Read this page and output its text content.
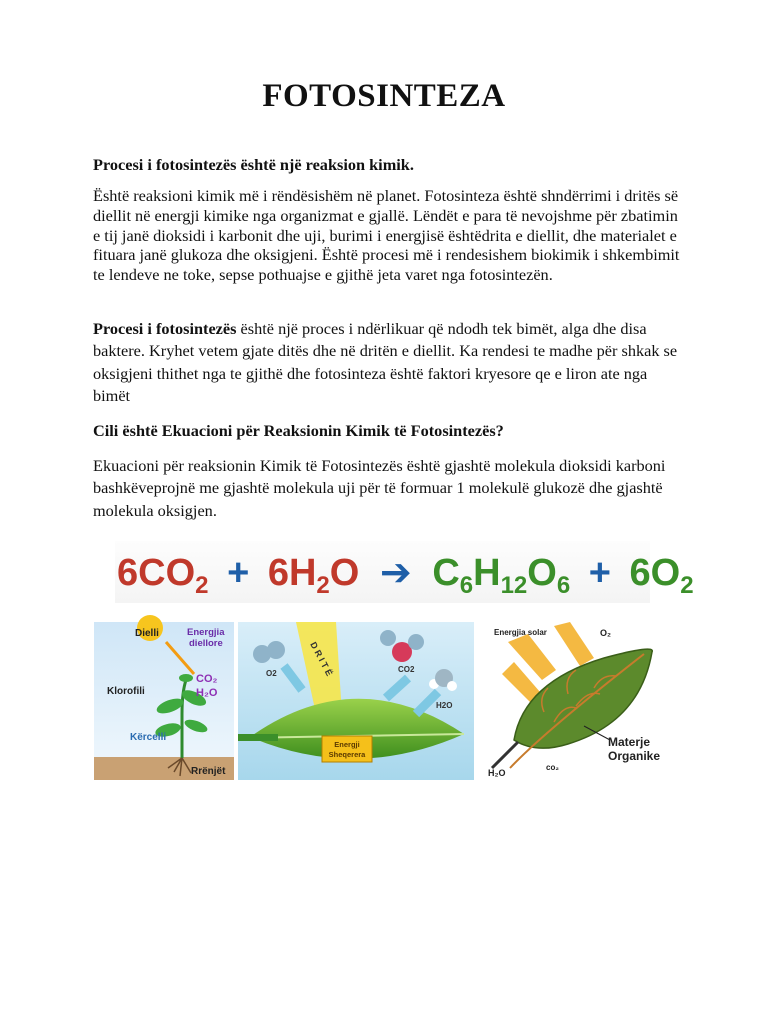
FOTOSINTEZA

Procesi i fotosintezës është një reaksion kimik.

Është reaksioni kimik më i rëndësishëm në planet. Fotosinteza është shndërrimi i dritës së diellit në energji kimike nga organizmat e gjallë. Lëndët e para të nevojshme për zbatimin e tij janë dioksidi i karbonit dhe uji, burimi i energjisë ështëdrita e diellit, dhe materialet e fituara janë glukoza dhe oksigjeni. Është procesi më i rendesishem biokimik i shkembimit te lendeve ne toke, sepse pothuajse e gjithë jeta varet nga fotosintezën.

Procesi i fotosintezës është një proces i ndërlikuar që ndodh tek bimët, alga dhe disa baktere. Kryhet vetem gjate ditës dhe në dritën e diellit. Ka rendesi te madhe për shkak se oksigjeni thithet nga te gjithë dhe fotosinteza është faktori kryesore qe e liron ate nga bimët

Cili është Ekuacioni për Reaksionin Kimik të Fotosintezës?

Ekuacioni për reaksionin Kimik të Fotosintezës është gjashtë molekula dioksidi karboni bashkëveprojnë me gjashtë molekula uji për të formuar 1 molekulë glukozë dhe gjashtë molekula oksigjen.

$6CO_2 + 6H_2O$ ➔ $C_6H_{12}O_6 + 6O_2$
Dielli	Energjia
diellore
CO₂
H₂O
Klorofili
Kërcelli
Rrënjët
D R I T Ë
O2	CO2
H2O
Energji
Sheqerera
Energjia solar	O₂
Materje
Organike
H₂O
co₂
